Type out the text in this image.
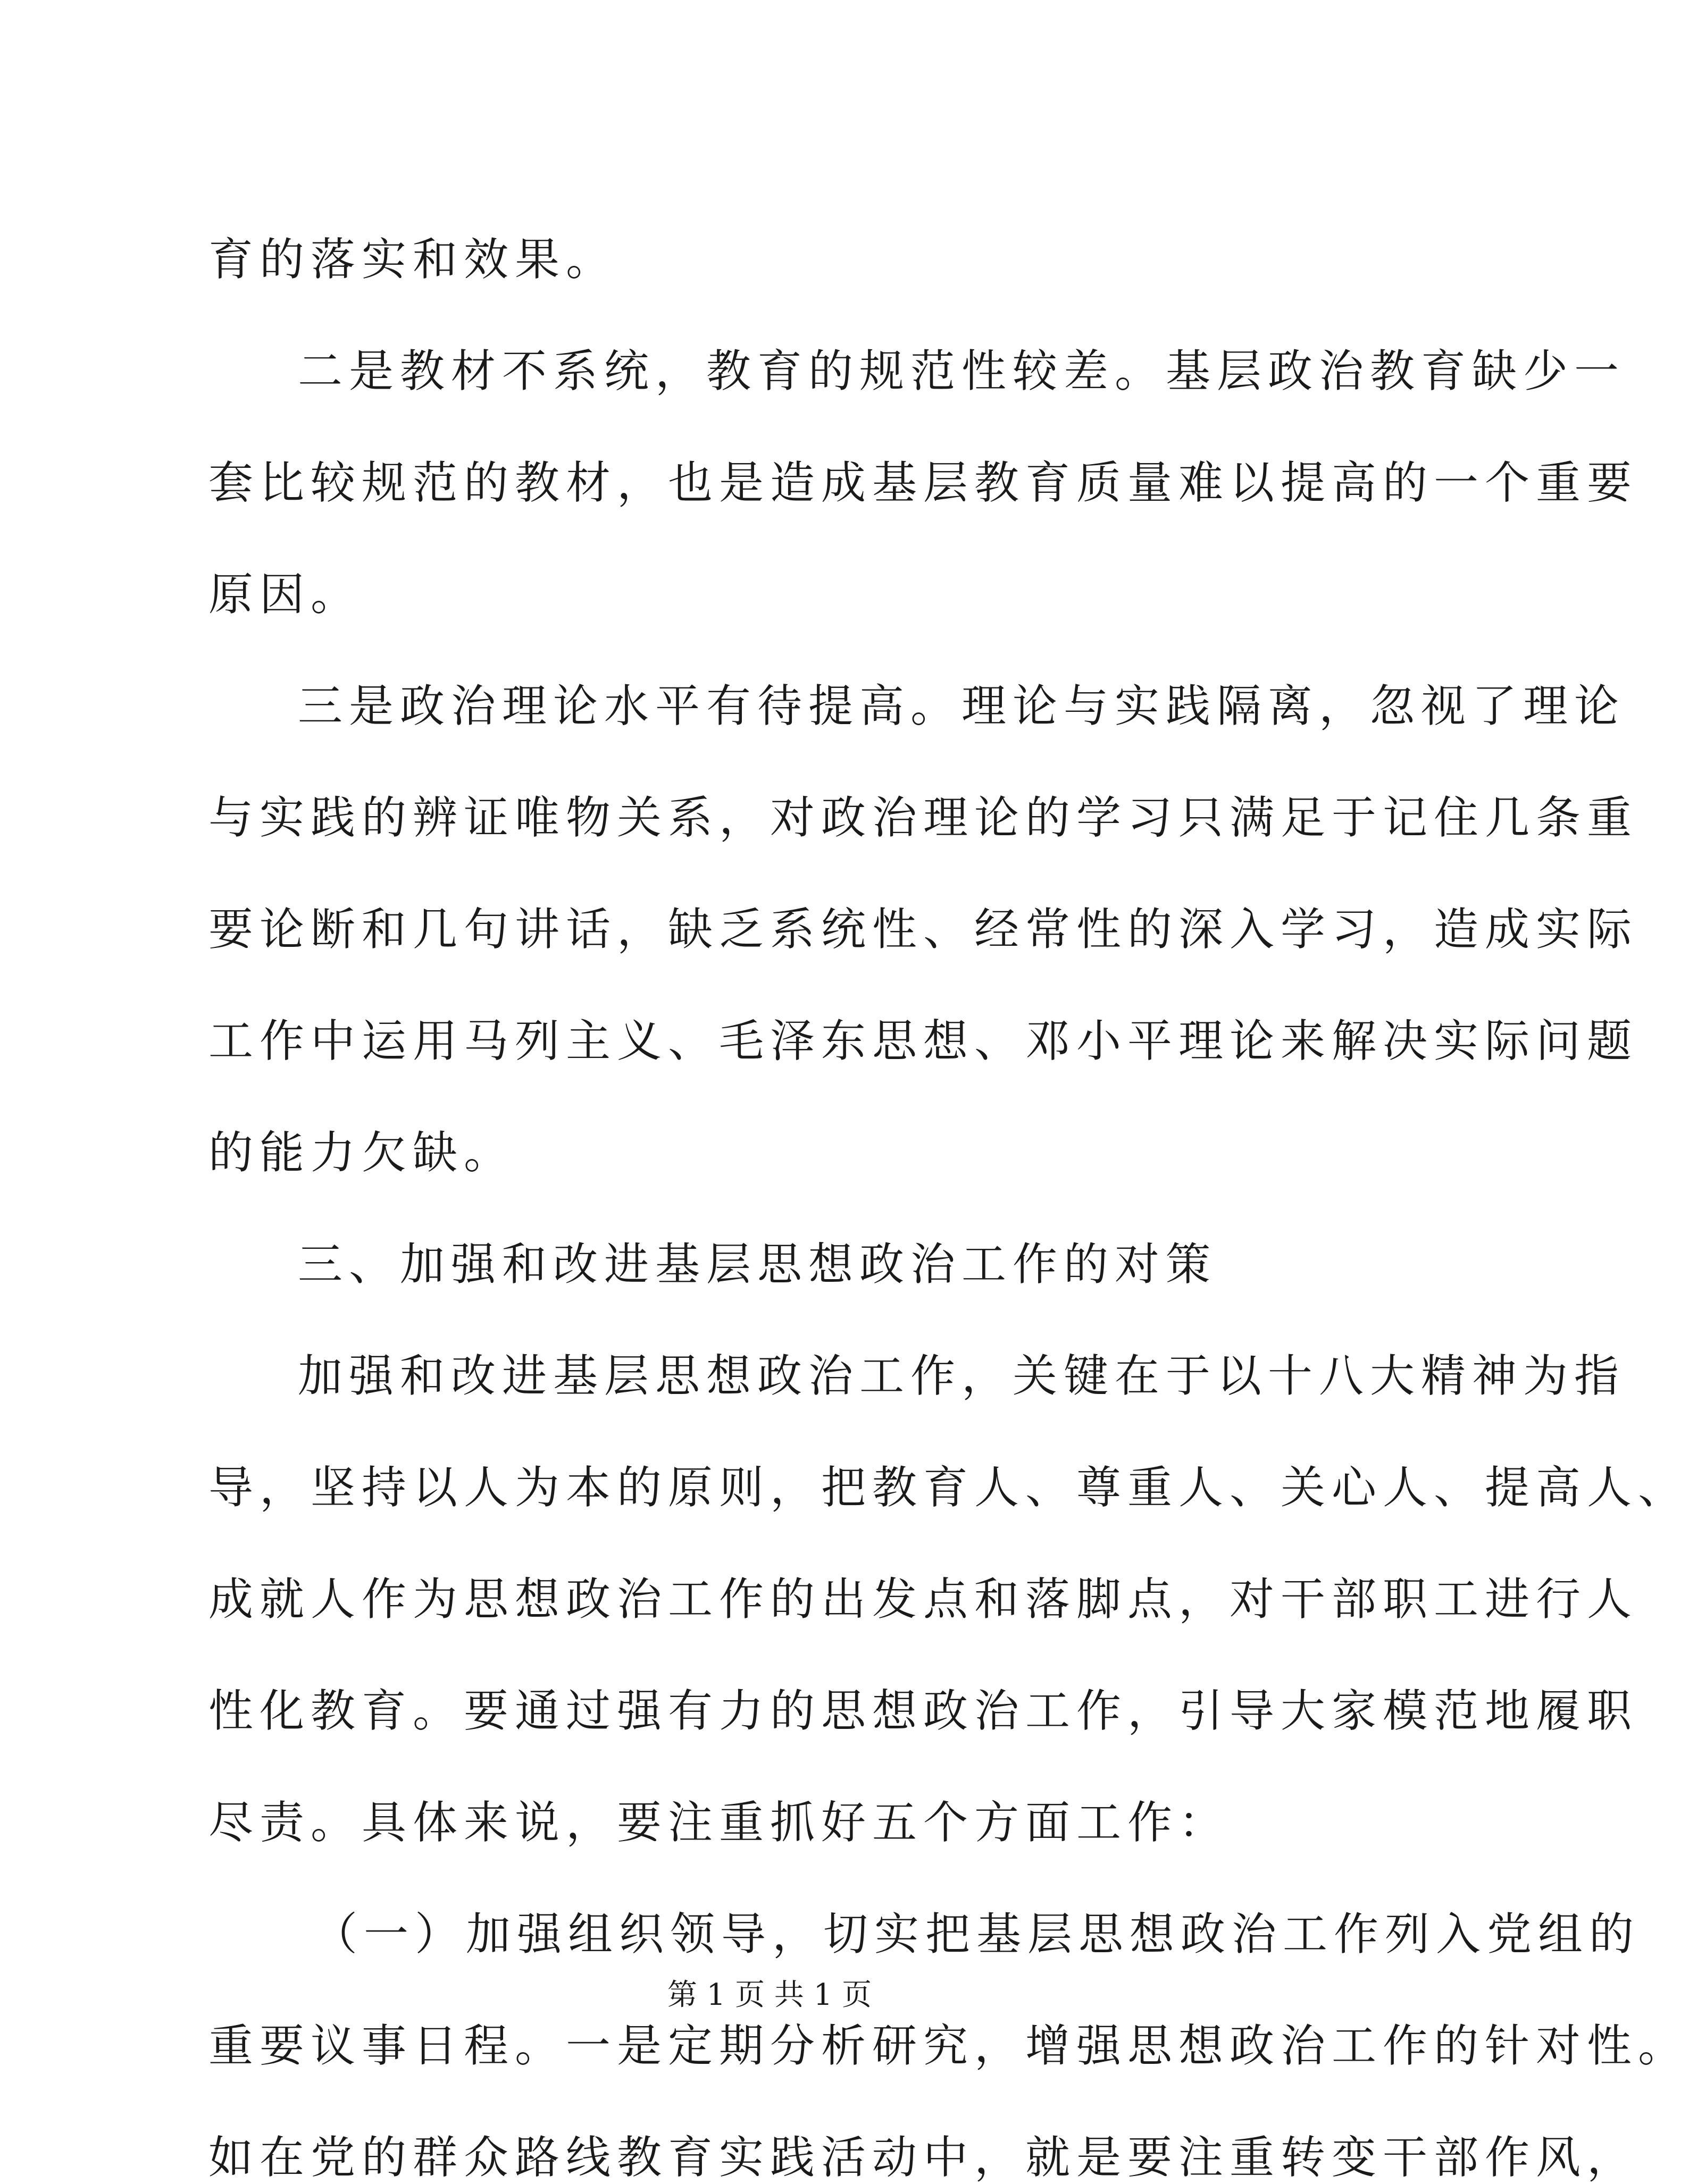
育的落实和效果。
二是教材不系统，教育的规范性较差。基层政治教育缺少一
套比较规范的教材，也是造成基层教育质量难以提高的一个重要
原因。
三是政治理论水平有待提高。理论与实践隔离，忽视了理论
与实践的辨证唯物关系，对政治理论的学习只满足于记住几条重
要论断和几句讲话，缺乏系统性、经常性的深入学习，造成实际
工作中运用马列主义、毛泽东思想、邓小平理论来解决实际问题
的能力欠缺。
三、加强和改进基层思想政治工作的对策
加强和改进基层思想政治工作，关键在于以十八大精神为指
导，坚持以人为本的原则，把教育人、尊重人、关心人、提高人、
成就人作为思想政治工作的出发点和落脚点，对干部职工进行人
性化教育。要通过强有力的思想政治工作，引导大家模范地履职
尽责。具体来说，要注重抓好五个方面工作：
（一）加强组织领导，切实把基层思想政治工作列入党组的
重要议事日程。一是定期分析研究，增强思想政治工作的针对性。
如在党的群众路线教育实践活动中，就是要注重转变干部作风，
第 1 页 共 1 页
